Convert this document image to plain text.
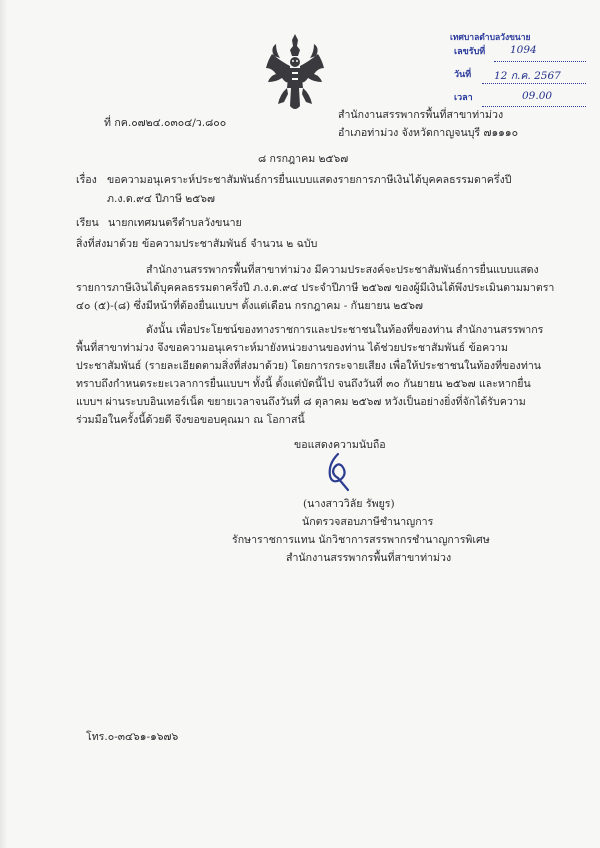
เทศบาลตำบลวังขนาย
เลขรับที่ 1094
วันที่ 12 ก.ค. 2567
เวลา	09.00
ที่ กค.๐๗๒๔.๐๓๐๔/ว.๘๐๐
สำนักงานสรรพากรพื้นที่สาขาท่าม่วง
อำเภอท่าม่วง จังหวัดกาญจนบุรี ๗๑๑๑๐
๘ กรกฎาคม ๒๕๖๗
เรื่อง ขอความอนุเคราะห์ประชาสัมพันธ์การยื่นแบบแสดงรายการภาษีเงินได้บุคคลธรรมดาครึ่งปี
ภ.ง.ด.๙๔ ปีภาษี ๒๕๖๗
เรียน นายกเทศมนตรีตำบลวังขนาย
สิ่งที่ส่งมาด้วย ข้อความประชาสัมพันธ์ จำนวน ๒ ฉบับ
สำนักงานสรรพากรพื้นที่สาขาท่าม่วง มีความประสงค์จะประชาสัมพันธ์การยื่นแบบแสดง
รายการภาษีเงินได้บุคคลธรรมดาครึ่งปี ภ.ง.ด.๙๔ ประจำปีภาษี ๒๕๖๗ ของผู้มีเงินได้พึงประเมินตามมาตรา
๔๐ (๕)-(๘) ซึ่งมีหน้าที่ต้องยื่นแบบฯ ตั้งแต่เดือน กรกฎาคม - กันยายน ๒๕๖๗
ดังนั้น เพื่อประโยชน์ของทางราชการและประชาชนในท้องที่ของท่าน สำนักงานสรรพากร
พื้นที่สาขาท่าม่วง จึงขอความอนุเคราะห์มายังหน่วยงานของท่าน ได้ช่วยประชาสัมพันธ์ ข้อความ
ประชาสัมพันธ์ (รายละเอียดตามสิ่งที่ส่งมาด้วย) โดยการกระจายเสียง เพื่อให้ประชาชนในท้องที่ของท่าน
ทราบถึงกำหนดระยะเวลาการยื่นแบบฯ ทั้งนี้ ตั้งแต่บัดนี้ไป จนถึงวันที่ ๓๐ กันยายน ๒๕๖๗ และหากยื่น
แบบฯ ผ่านระบบอินเทอร์เน็ต ขยายเวลาจนถึงวันที่ ๘ ตุลาคม ๒๕๖๗ หวังเป็นอย่างยิ่งที่จักได้รับความ
ร่วมมือในครั้งนี้ด้วยดี จึงขอขอบคุณมา ณ โอกาสนี้
ขอแสดงความนับถือ
(นางสาววิลัย รัพยูร)
นักตรวจสอบภาษีชำนาญการ
รักษาราชการแทน นักวิชาการสรรพากรชำนาญการพิเศษ
สำนักงานสรรพากรพื้นที่สาขาท่าม่วง
โทร.๐-๓๔๖๑-๑๖๗๖
